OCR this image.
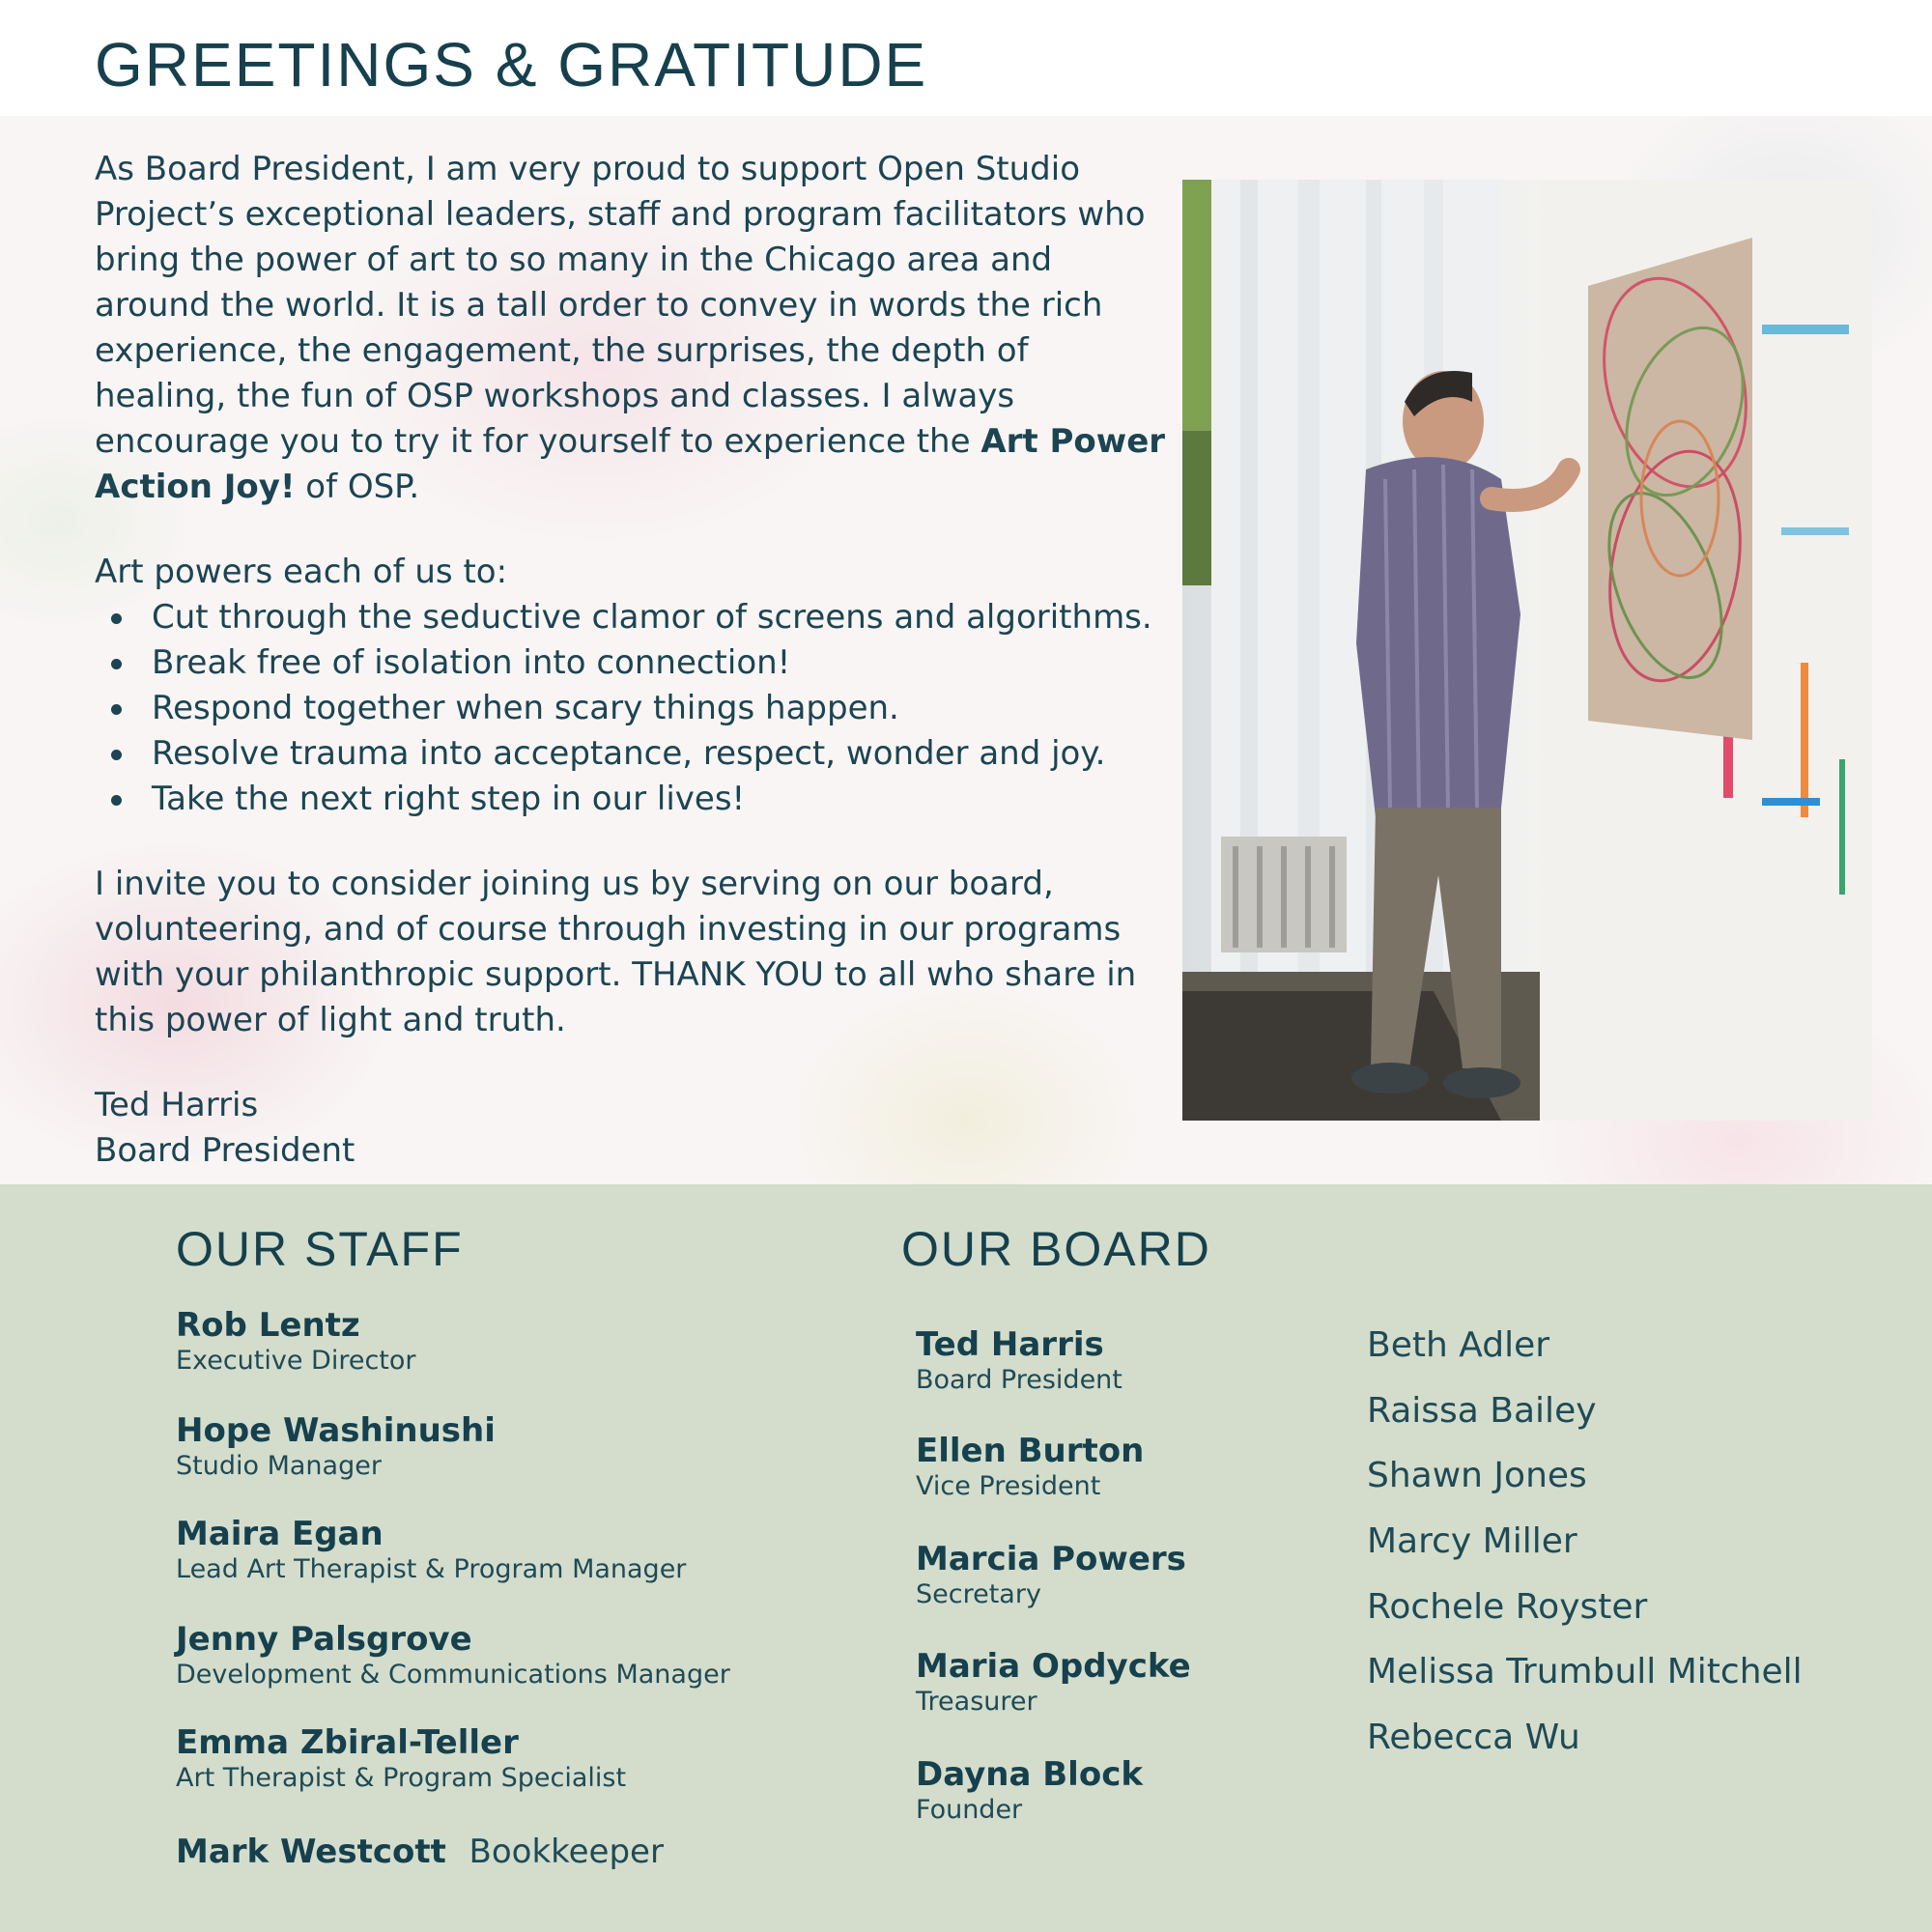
GREETINGS & GRATITUDE

As Board President, I am very proud to support Open Studio Project’s exceptional leaders, staff and program facilitators who bring the power of art to so many in the Chicago area and around the world. It is a tall order to convey in words the rich experience, the engagement, the surprises, the depth of healing, the fun of OSP workshops and classes. I always encourage you to try it for yourself to experience the Art Power Action Joy! of OSP.

Art powers each of us to:

Cut through the seductive clamor of screens and algorithms.
Break free of isolation into connection!
Respond together when scary things happen.
Resolve trauma into acceptance, respect, wonder and joy.
Take the next right step in our lives!

I invite you to consider joining us by serving on our board, volunteering, and of course through investing in our programs with your philanthropic support. THANK YOU to all who share in this power of light and truth.

Ted Harris

Board President

OUR STAFF
Rob Lentz
Executive Director
Hope Washinushi
Studio Manager
Maira Egan
Lead Art Therapist & Program Manager
Jenny Palsgrove
Development & Communications Manager
Emma Zbiral-Teller
Art Therapist & Program Specialist
Mark Westcott Bookkeeper
OUR BOARD
Ted Harris
Board President
Ellen Burton
Vice President
Marcia Powers
Secretary
Maria Opdycke
Treasurer
Dayna Block
Founder
Beth Adler
Raissa Bailey
Shawn Jones
Marcy Miller
Rochele Royster
Melissa Trumbull Mitchell
Rebecca Wu
